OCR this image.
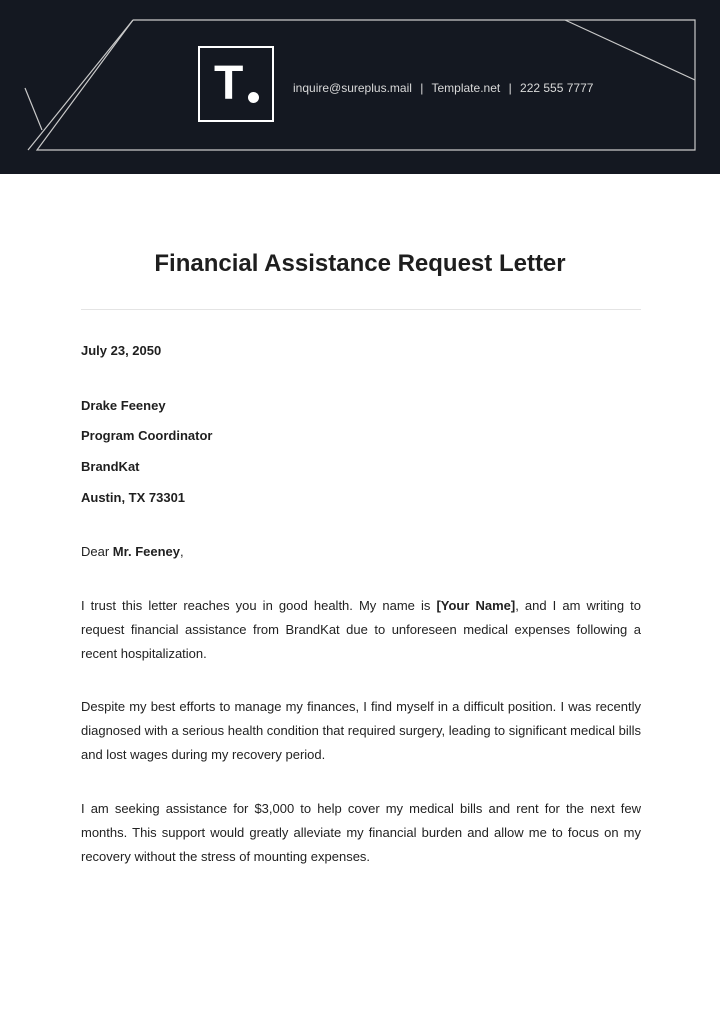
T	inquire@sureplus.mail | Template.net | 222 555 7777
Financial Assistance Request Letter
July 23, 2050
Drake Feeney
Program Coordinator
BrandKat
Austin, TX 73301
Dear Mr. Feeney,
I trust this letter reaches you in good health. My name is [Your Name], and I am writing to request financial assistance from BrandKat due to unforeseen medical expenses following a recent hospitalization.
Despite my best efforts to manage my finances, I find myself in a difficult position. I was recently diagnosed with a serious health condition that required surgery, leading to significant medical bills and lost wages during my recovery period.
I am seeking assistance for $3,000 to help cover my medical bills and rent for the next few months. This support would greatly alleviate my financial burden and allow me to focus on my recovery without the stress of mounting expenses.
